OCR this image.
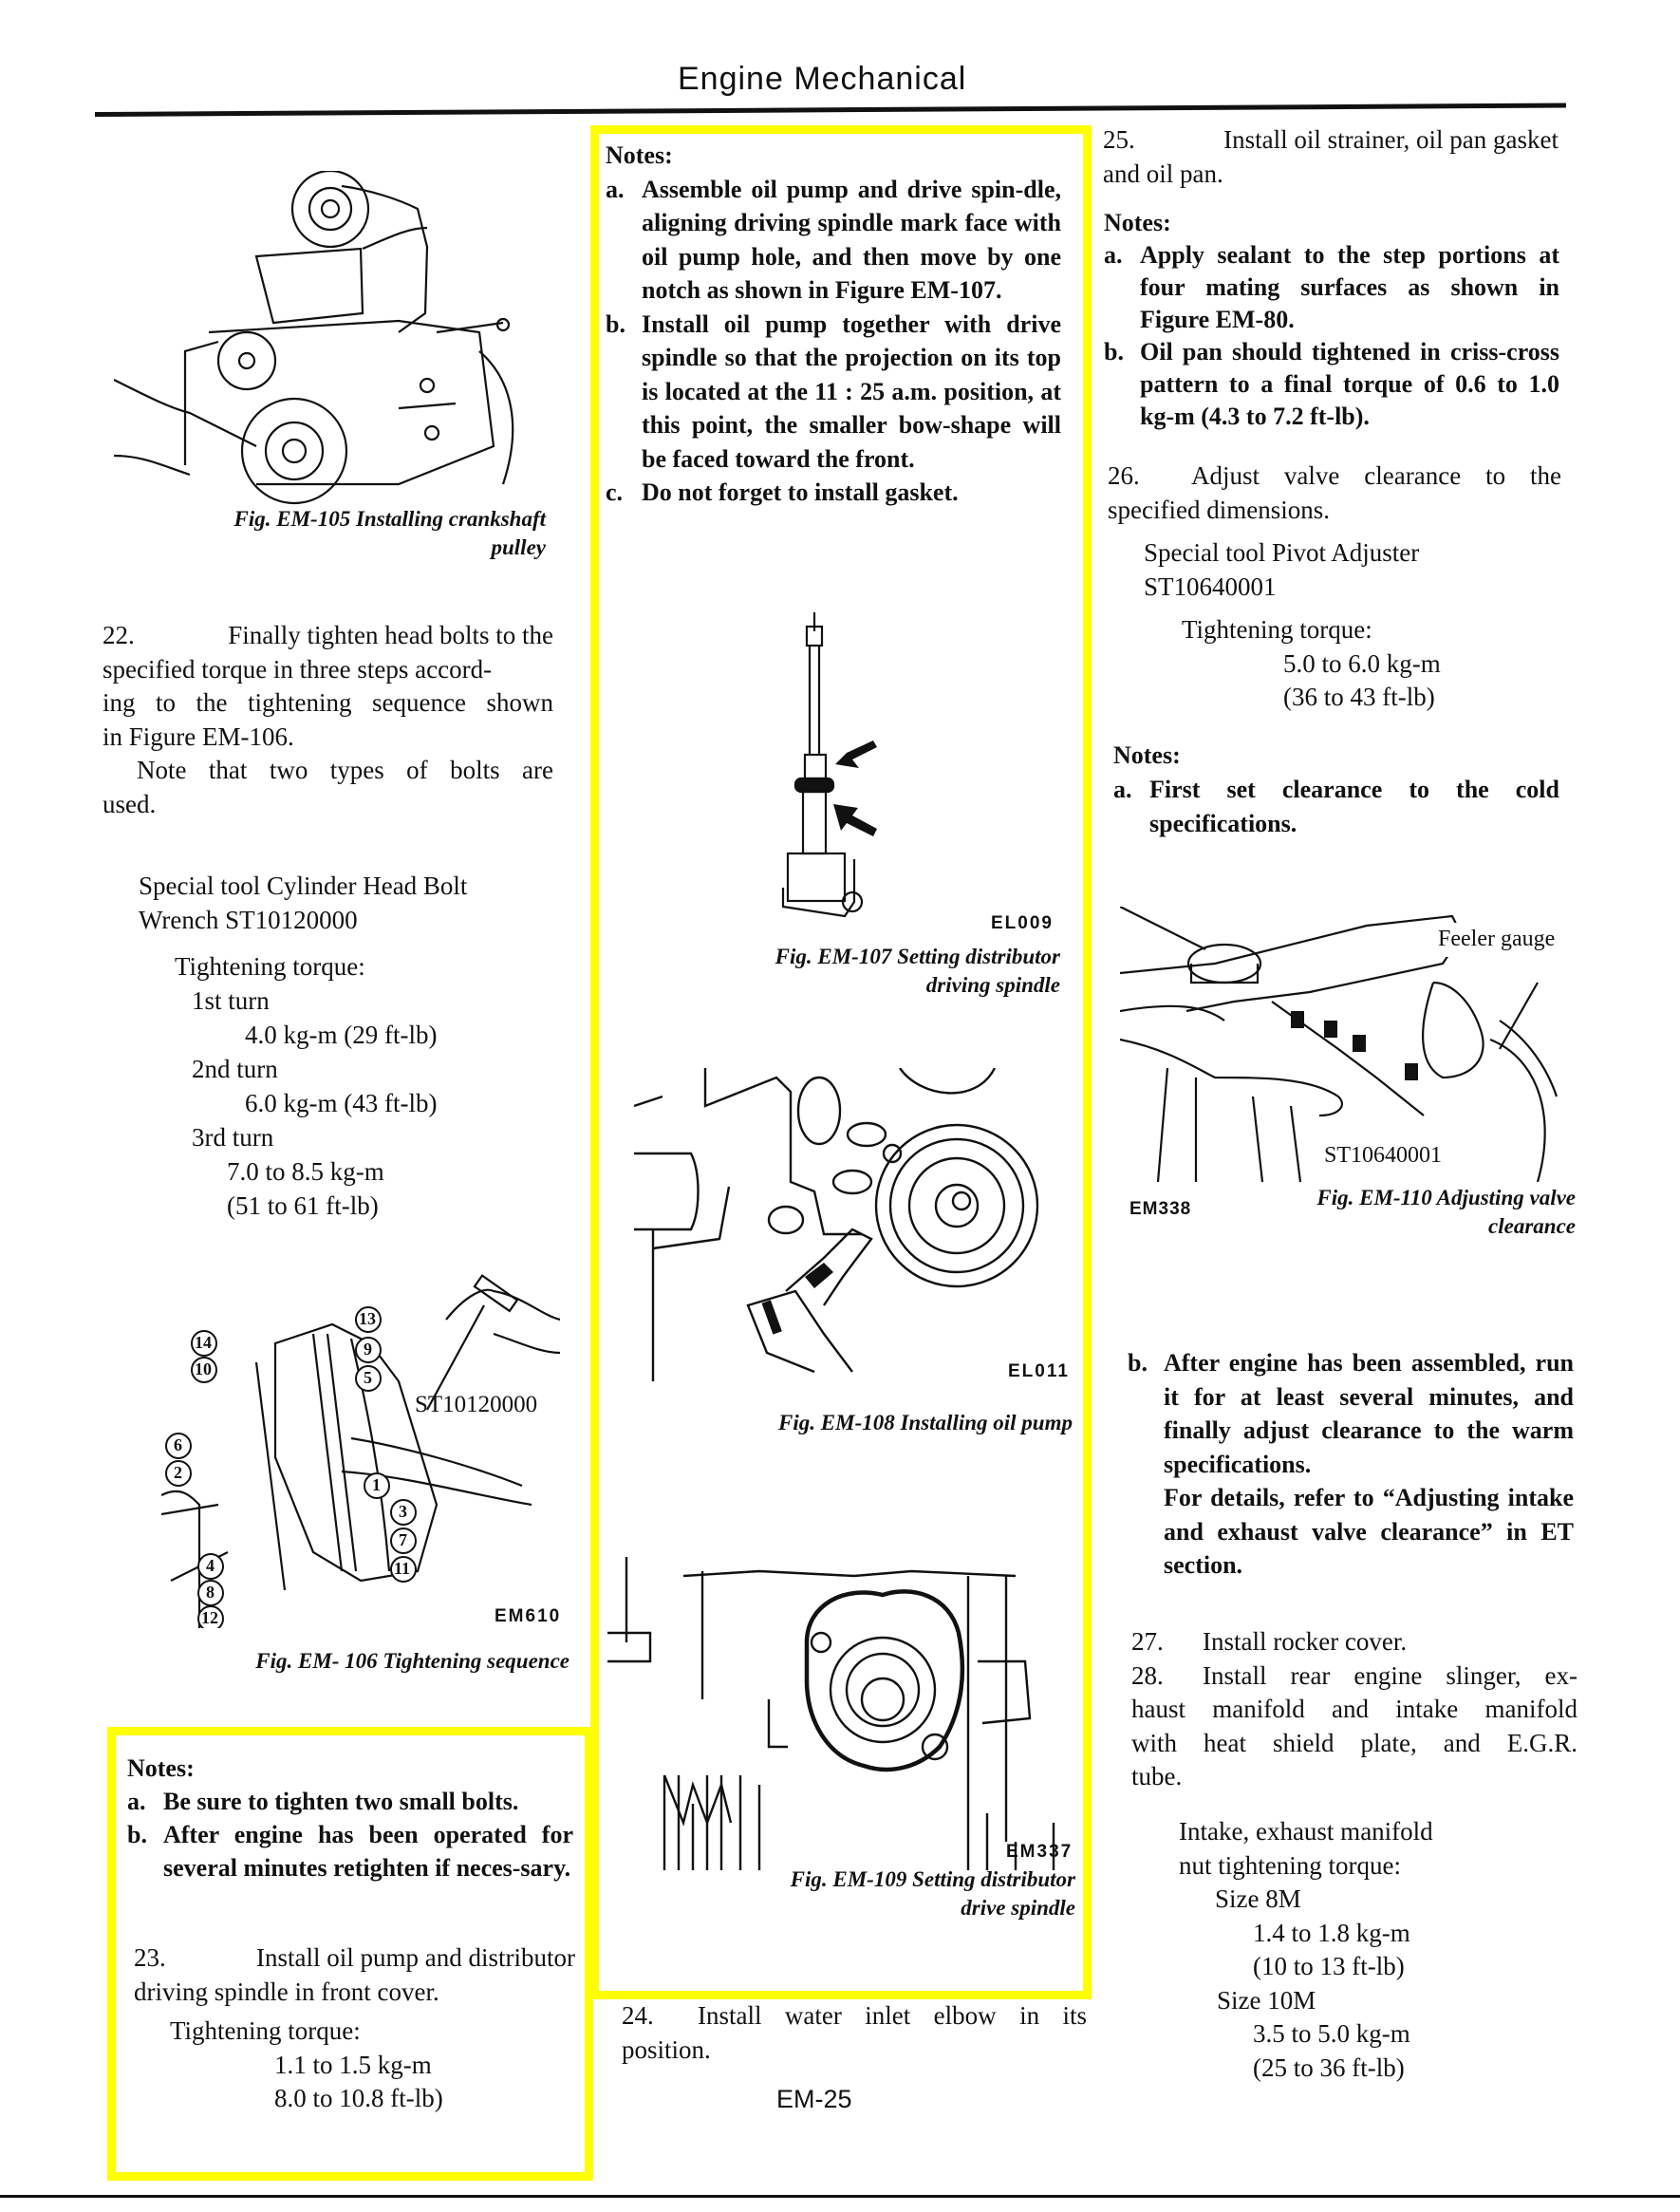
Engine Mechanical
Fig. EM-105 Installing crankshaft
pulley
22.	Finally tighten head bolts to the
specified torque in three steps accord-
ing to the tightening sequence shown
in Figure EM-106.
Note that two types of bolts are
used.
Special tool Cylinder Head Bolt
Wrench ST10120000
Tightening torque:
1st turn
4.0 kg-m (29 ft-lb)
2nd turn
6.0 kg-m (43 ft-lb)
3rd turn
7.0 to 8.5 kg-m
(51 to 61 ft-lb)
14
10
13
9
5
6
2
1
3
7
11
4
8
12
ST10120000
EM610
Fig. EM- 106 Tightening sequence
Notes:
a. Be sure to tighten two small bolts.
b. After engine has been operated for several minutes retighten if neces-sary.
23.	Install oil pump and distributor
driving spindle in front cover.
Tightening torque:
1.1 to 1.5 kg-m
8.0 to 10.8 ft-lb)
Notes:
a. Assemble oil pump and drive spin-dle, aligning driving spindle mark face with oil pump hole, and then move by one notch as shown in Figure EM-107.
b. Install oil pump together with drive spindle so that the projection on its top is located at the 11 : 25 a.m. position, at this point, the smaller bow-shape will be faced toward the front.
c. Do not forget to install gasket.
EL009
Fig. EM-107 Setting distributor
driving spindle
EL011
Fig. EM-108 Installing oil pump
EM337
Fig. EM-109 Setting distributor
drive spindle
24. Install water inlet elbow in its
position.
EM-25
25.	Install oil strainer, oil pan gasket
and oil pan.
Notes:
a. Apply sealant to the step portions at four mating surfaces as shown in Figure EM-80.
b. Oil pan should tightened in criss-cross pattern to a final torque of 0.6 to 1.0 kg-m (4.3 to 7.2 ft-lb).
26. Adjust valve clearance to the
specified dimensions.
Special tool Pivot Adjuster
ST10640001
Tightening torque:
5.0 to 6.0 kg-m
(36 to 43 ft-lb)
Notes:
a. First set clearance to the cold specifications.
Feeler gauge
ST10640001
EM338	Fig. EM-110 Adjusting valve
clearance
b. After engine has been assembled, run it for at least several minutes, and finally adjust clearance to the warm specifications.
For details, refer to “Adjusting intake and exhaust valve clearance” in ET section.
27.	Install rocker cover.
28.	Install rear engine slinger, ex-
haust manifold and intake manifold
with heat shield plate, and E.G.R.
tube.
Intake, exhaust manifold
nut tightening torque:
Size 8M
1.4 to 1.8 kg-m
(10 to 13 ft-lb)
Size 10M
3.5 to 5.0 kg-m
(25 to 36 ft-lb)
